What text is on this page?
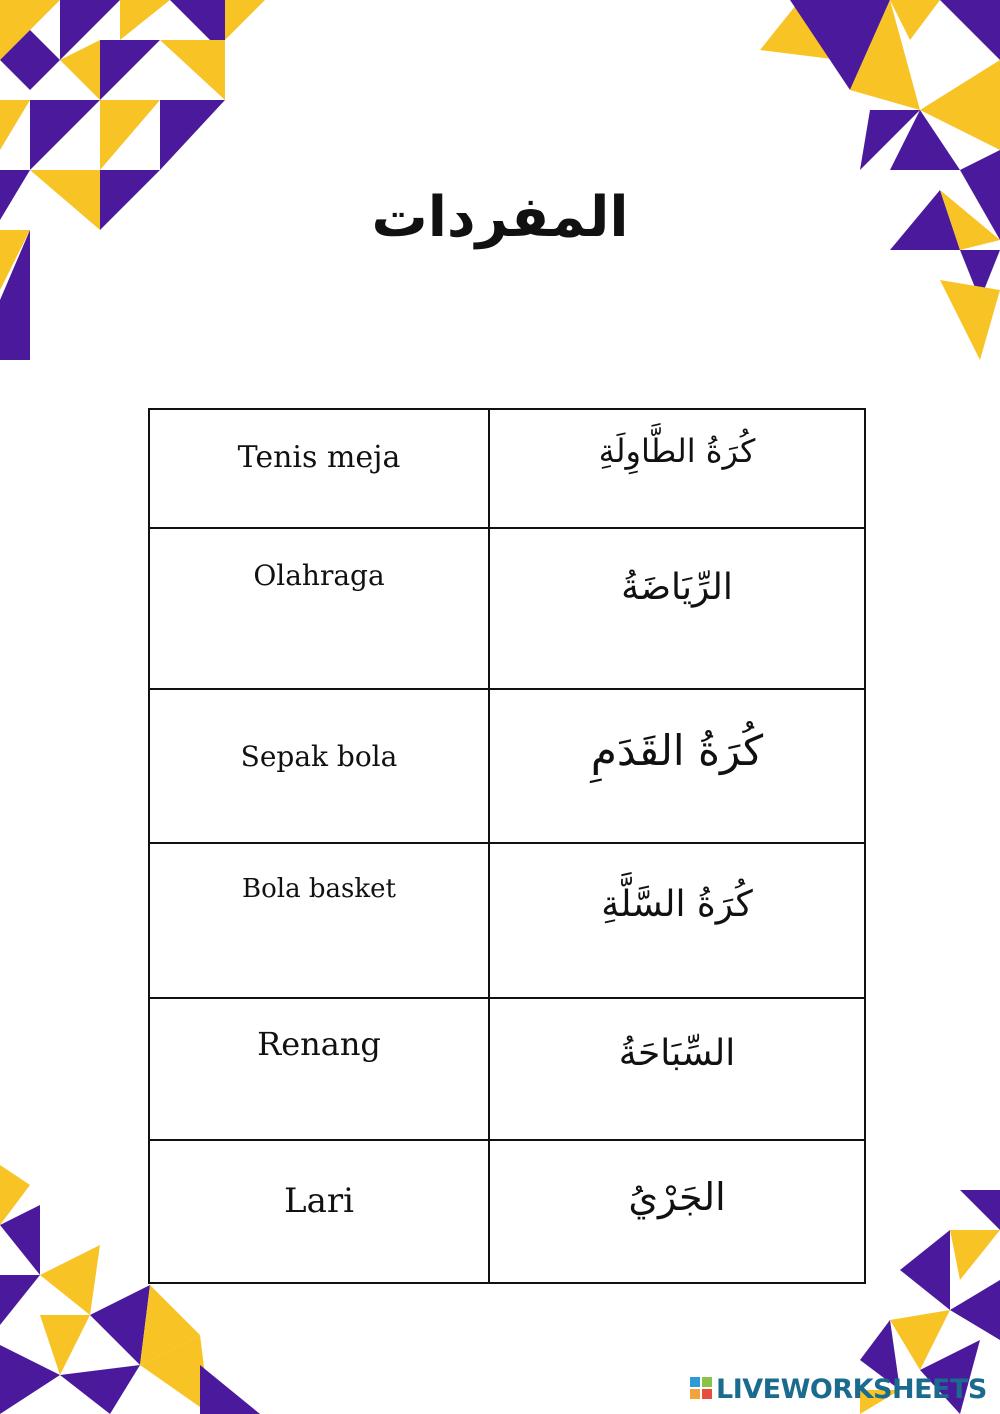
المفردات
Tenis meja	كُرَةُ الطَّاوِلَةِ

Olahraga	الرِّيَاضَةُ

Sepak bola	كُرَةُ القَدَمِ

Bola basket	كُرَةُ السَّلَّةِ

Renang	السِّبَاحَةُ

Lari	الجَرْيُ
LIVEWORKSHEETS
